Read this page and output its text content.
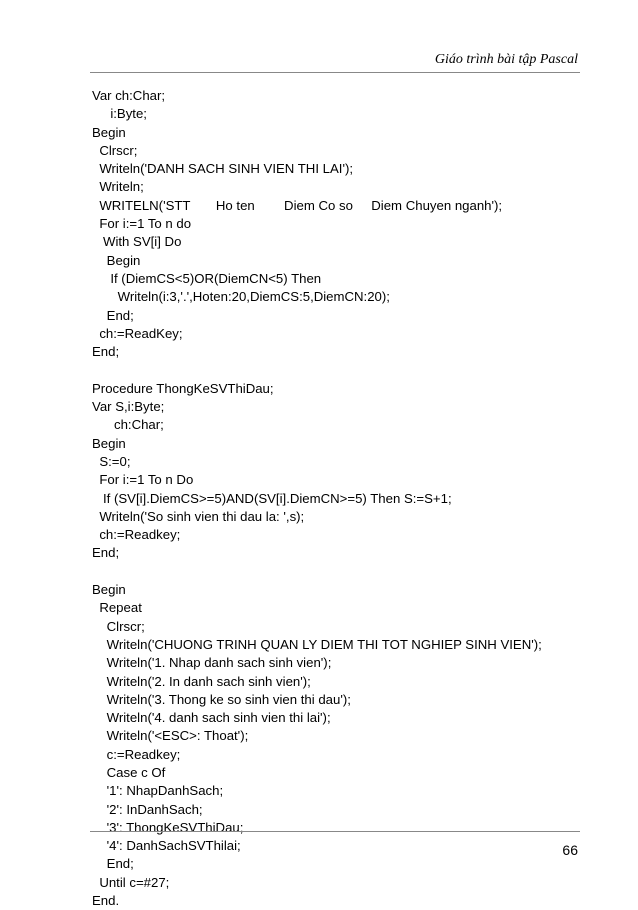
Giáo trình bài tập Pascal
Var ch:Char;
i:Byte;
Begin
Clrscr;
Writeln('DANH SACH SINH VIEN THI LAI');
Writeln;
WRITELN('STT       Ho ten        Diem Co so     Diem Chuyen nganh');
For i:=1 To n do
With SV[i] Do
Begin
If (DiemCS<5)OR(DiemCN<5) Then
Writeln(i:3,'.',Hoten:20,DiemCS:5,DiemCN:20);
End;
ch:=ReadKey;
End;
Procedure ThongKeSVThiDau;
Var S,i:Byte;
ch:Char;
Begin
S:=0;
For i:=1 To n Do
If (SV[i].DiemCS>=5)AND(SV[i].DiemCN>=5) Then S:=S+1;
Writeln('So sinh vien thi dau la: ',s);
ch:=Readkey;
End;
Begin
Repeat
Clrscr;
Writeln('CHUONG TRINH QUAN LY DIEM THI TOT NGHIEP SINH VIEN');
Writeln('1. Nhap danh sach sinh vien');
Writeln('2. In danh sach sinh vien');
Writeln('3. Thong ke so sinh vien thi dau');
Writeln('4. danh sach sinh vien thi lai');
Writeln('<ESC>: Thoat');
c:=Readkey;
Case c Of
'1': NhapDanhSach;
'2': InDanhSach;
'3': ThongKeSVThiDau;
'4': DanhSachSVThilai;
End;
Until c=#27;
End.
66
